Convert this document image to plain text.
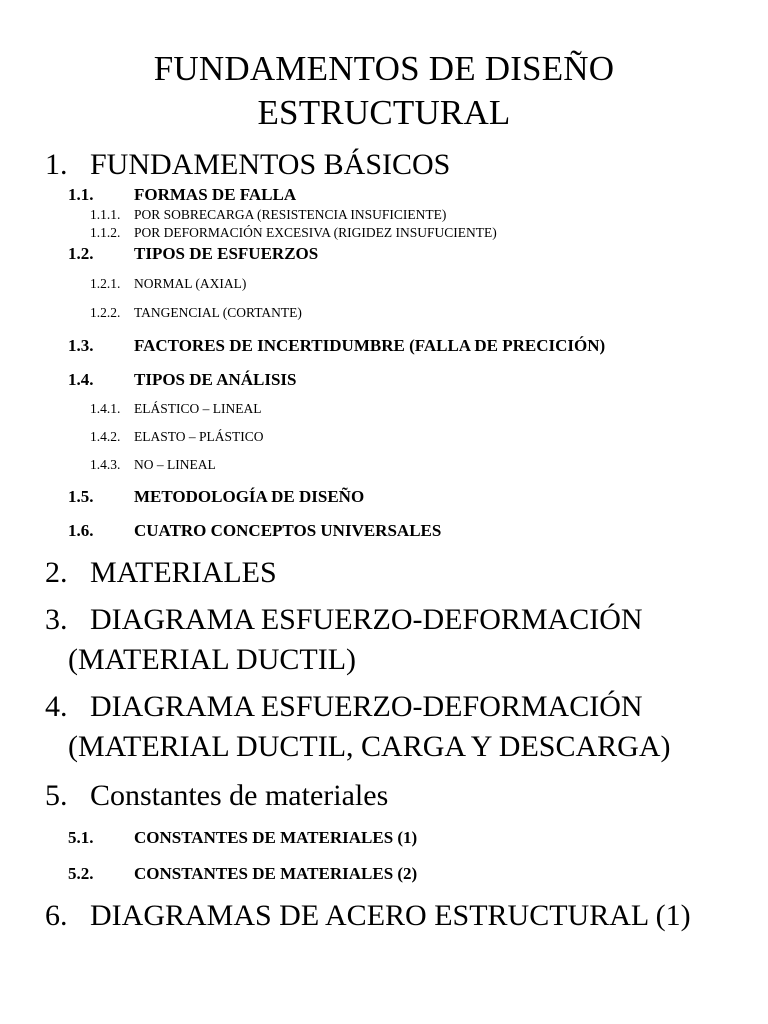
FUNDAMENTOS DE DISEÑO
ESTRUCTURAL
1. FUNDAMENTOS BÁSICOS
1.1. FORMAS DE FALLA
1.1.1. POR SOBRECARGA (RESISTENCIA INSUFICIENTE)
1.1.2. POR DEFORMACIÓN EXCESIVA (RIGIDEZ INSUFUCIENTE)
1.2. TIPOS DE ESFUERZOS
1.2.1. NORMAL (AXIAL)
1.2.2. TANGENCIAL (CORTANTE)
1.3. FACTORES DE INCERTIDUMBRE (FALLA DE PRECICIÓN)
1.4. TIPOS DE ANÁLISIS
1.4.1. ELÁSTICO – LINEAL
1.4.2. ELASTO – PLÁSTICO
1.4.3. NO – LINEAL
1.5. METODOLOGÍA DE DISEÑO
1.6. CUATRO CONCEPTOS UNIVERSALES
2. MATERIALES
3. DIAGRAMA ESFUERZO-DEFORMACIÓN
(MATERIAL DUCTIL)
4. DIAGRAMA ESFUERZO-DEFORMACIÓN
(MATERIAL DUCTIL, CARGA Y DESCARGA)
5. Constantes de materiales
5.1. CONSTANTES DE MATERIALES (1)
5.2. CONSTANTES DE MATERIALES (2)
6. DIAGRAMAS DE ACERO ESTRUCTURAL (1)
